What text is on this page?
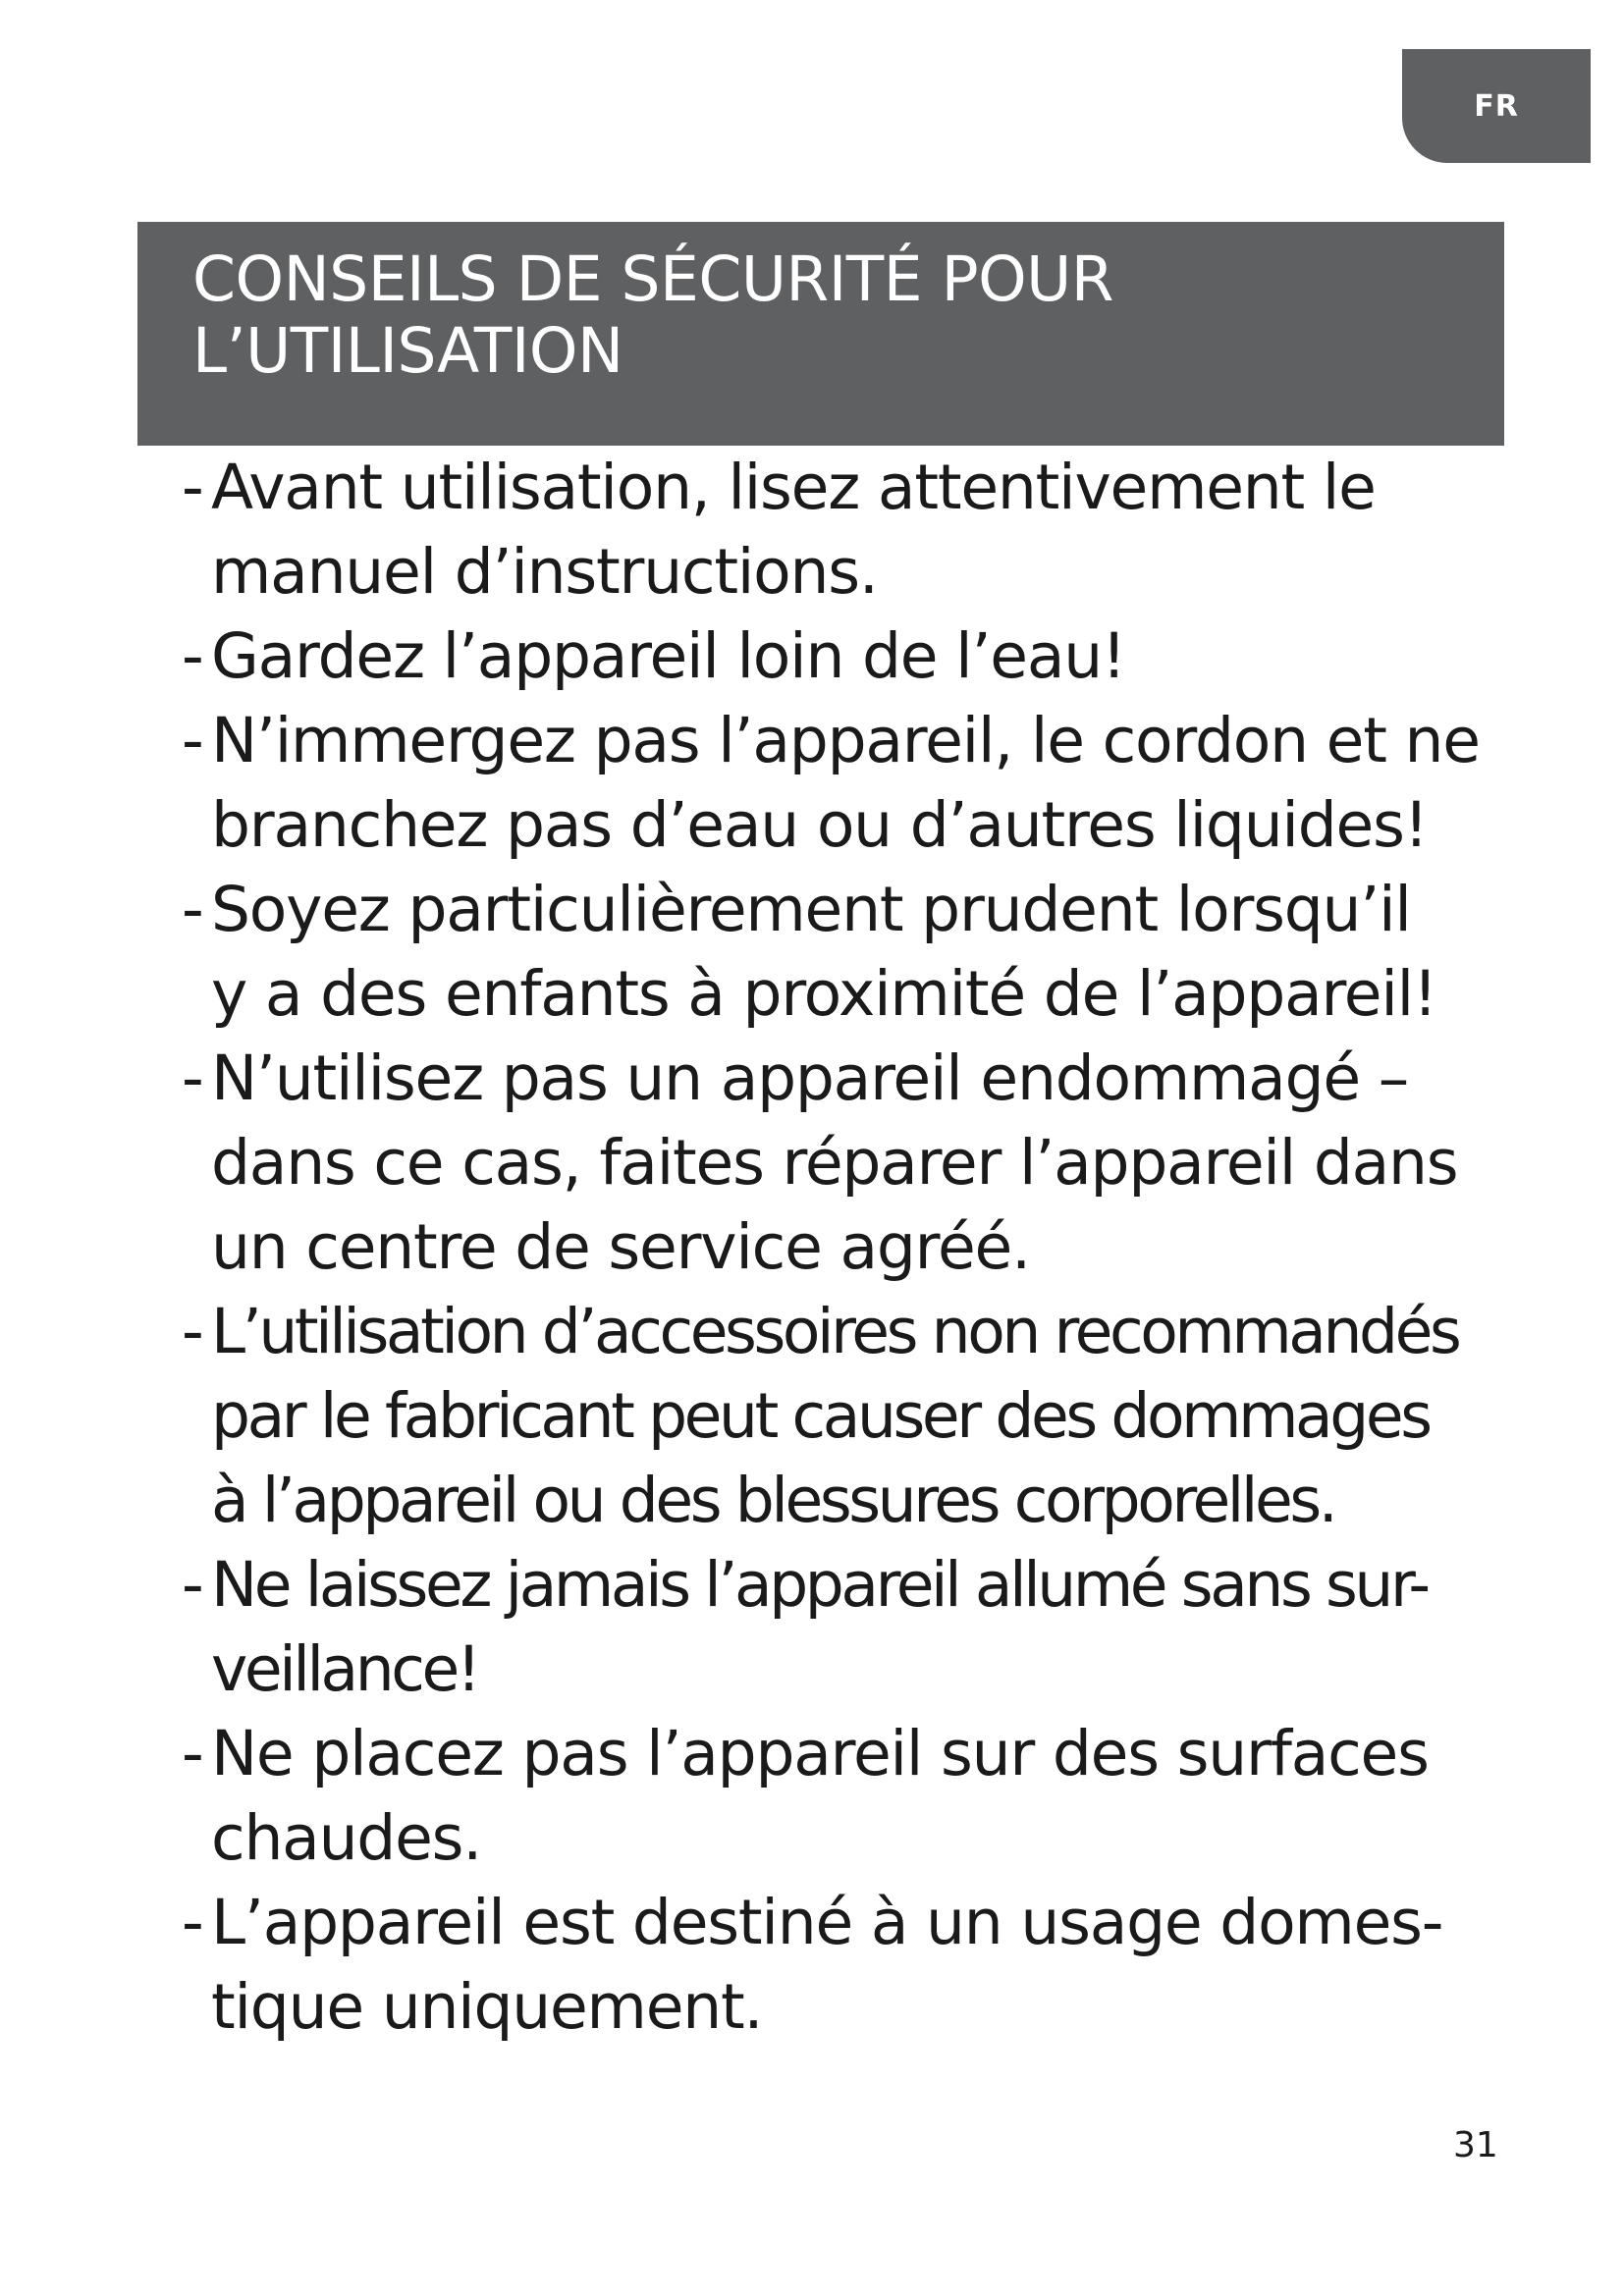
FR
CONSEILS DE SÉCURITÉ POUR
L’UTILISATION
- Avant utilisation, lisez attentivement le
manuel d’instructions.
- Gardez l’appareil loin de l’eau!
- N’immergez pas l’appareil, le cordon et ne
branchez pas d’eau ou d’autres liquides!
- Soyez particulièrement prudent lorsqu’il
y a des enfants à proximité de l’appareil!
- N’utilisez pas un appareil endommagé –
dans ce cas, faites réparer l’appareil dans
un centre de service agréé.
- L’utilisation d’accessoires non recommandés
par le fabricant peut causer des dommages
à l’appareil ou des blessures corporelles.
- Ne laissez jamais l’appareil allumé sans sur-
veillance!
- Ne placez pas l’appareil sur des surfaces
chaudes.
- L’appareil est destiné à un usage domes-
tique uniquement.
31
